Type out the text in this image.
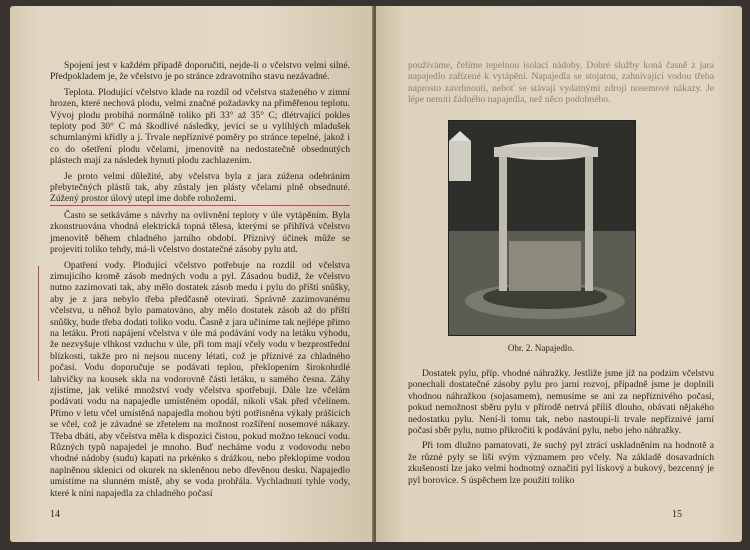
Spojení jest v každém případě doporučiti, nejde-li o včelstvo velmi silné. Předpokladem je, že včelstvo je po stránce zdravotního stavu nezávadné.

Teplota. Plodující včelstvo klade na rozdíl od včelstva staženého v zimní hrozen, které nechová plodu, velmi značné požadavky na přiměřenou teplotu. Vývoj plodu probíhá normálně toliko při 33° až 35° C; dlétrvající pokles teploty pod 30° C má škodlivé následky, jevící se u vylíhlých mladušek schumlanými křídly a j. Trvale nepříznivé poměry po stránce tepelné, jakož i co do ošetření plodu včelami, jmenovitě na nedostatečně obsednutých plástech mají za následek hynutí plodu zachlazením.

Je proto velmi důležité, aby včelstva byla z jara zúžena odebráním přebytečných plástů tak, aby zůstaly jen plásty včelami plně obsednuté. Zúžený prostor úlový utepl ime dobře rohožemi.

Často se setkáváme s návrhy na ovlivnění teploty v úle vytápěním. Byla zkonstruována vhodná elektrická topná tělesa, kterými se přihřívá včelstvo jmenovitě během chladného jarního období. Příznivý účinek může se projeviti toliko tehdy, má-li včelstvo dostatečné zásoby pylu atd.

Opatření vody. Plodující včelstvo potřebuje na rozdíl od včelstva zimujícího kromě zásob medných vodu a pyl. Zásadou budiž, že včelstvo nutno zazimovati tak, aby mělo dostatek zásob medu i pylu do příští snůšky, aby je z jara nebylo třeba předčasně otevírati. Správně zazimovanému včelstvu, u něhož bylo pamatováno, aby mělo dostatek zásob až do příští snůšky, bude třeba dodati toliko vodu. Časně z jara učiníme tak nejlépe přímo na letáku. Proti napájení včelstva v úle má podávání vody na letáku výhodu, že nezvyšuje vlhkost vzduchu v úle, při tom mají včely vodu v bezprostřední blízkosti, takže pro ni nejsou nuceny létati, což je příznivé za chladného počasí. Vodu doporučuje se podávati teplou, překlopením širokohrdlé lahvičky na kousek skla na vodorovně části letáku, u samého česna. Záhy zjistíme, jak veliké množství vody včelstva spotřebují. Dále lze včelám podávati vodu na napajedle umístěném opodál, nikoli však před včelínem. Přímo v letu včel umístěná napajedla mohou býti potřísněna výkaly prášících se včel, což je závadné se zřetelem na možnost rozšíření nosemové nákazy. Třeba dbáti, aby včelstva měla k dispozici čistou, pokud možno tekoucí vodu. Různých typů napajedel je mnoho. Buď necháme vodu z vodovodu nebo vhodné nádoby (sudu) kapati na prkénko s drážkou, nebo překlopíme vodou naplněnou sklenici od okurek na skleněnou nebo dřevěnou desku. Napajedlo umístíme na slunném místě, aby se voda prohřála. Vychladnutí tyhle vody, které k níní napajedla za chladného počasí

14

používáme, čelíme tepelnou isolací nádoby. Dobré služby koná časně z jara napajedlo zařízené k vytápění. Napajedla se stojatou, zahnívající vodou třeba naprosto zavrhnouti, neboť se stávají vydatnými zdroji nosemové nákazy. Je lépe nemíti žádného napajedla, než něco podobného.

Obr. 2. Napajedlo.

Dostatek pylu, příp. vhodné náhražky. Jestliže jsme již na podzim včelstvu ponechali dostatečné zásoby pylu pro jarní rozvoj, případně jsme je doplnili vhodnou náhražkou (sojasamem), nemusíme se ani za nepříznivého počasí, pokud nemožnost sběru pylu v přírodě netrvá příliš dlouho, obávati nějakého nedostatku pylu. Není-li tomu tak, nebo nastoupí-li trvale nepříznivé jarní počasí sběr pylu, nutno přikročiti k podávání pylu, nebo jeho náhražky.

Při tom dlužno pamatovati, že suchý pyl ztrácí uskladněním na hodnotě a že různé pyly se liší svým významem pro včely. Na základě dosavadních zkušeností lze jako velmi hodnotný označiti pyl lískový a bukový, bezcenný je pyl borovice. S úspěchem lze použíti toliko

15
